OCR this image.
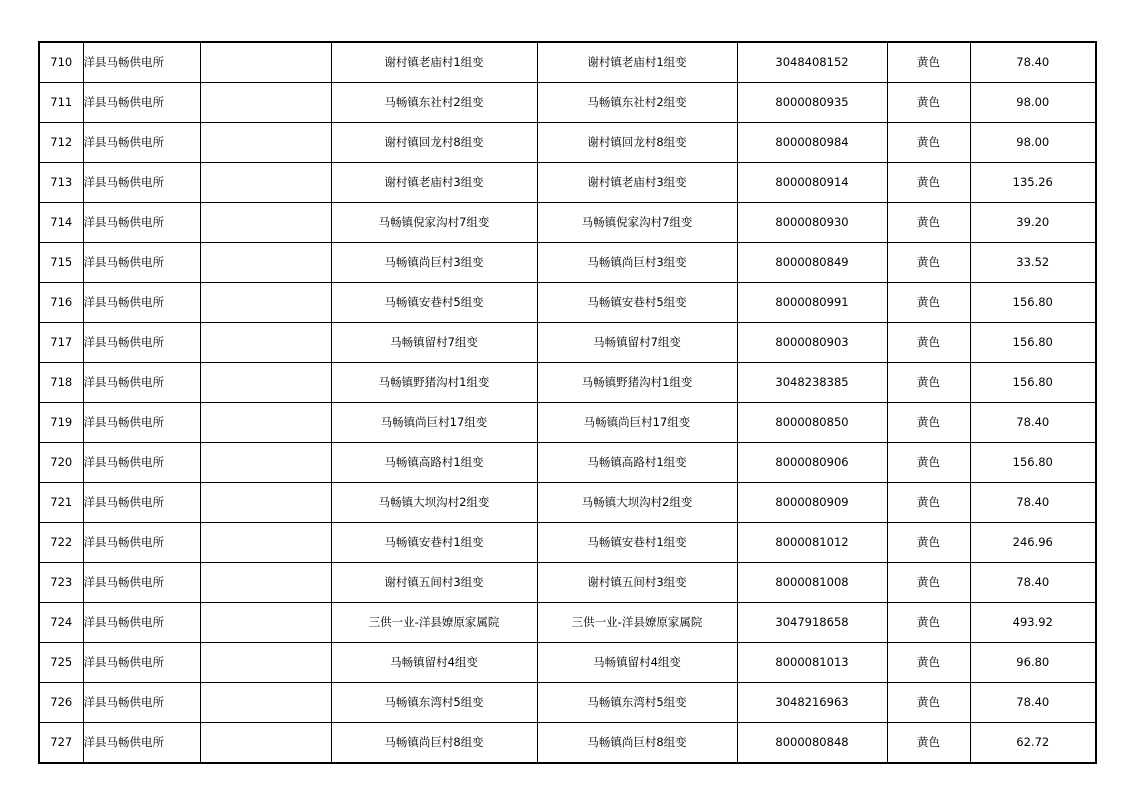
710	洋县马畅供电所		谢村镇老庙村1组变	谢村镇老庙村1组变	3048408152	黄色	78.40
711	洋县马畅供电所		马畅镇东社村2组变	马畅镇东社村2组变	8000080935	黄色	98.00
712	洋县马畅供电所		谢村镇回龙村8组变	谢村镇回龙村8组变	8000080984	黄色	98.00
713	洋县马畅供电所		谢村镇老庙村3组变	谢村镇老庙村3组变	8000080914	黄色	135.26
714	洋县马畅供电所		马畅镇倪家沟村7组变	马畅镇倪家沟村7组变	8000080930	黄色	39.20
715	洋县马畅供电所		马畅镇尚巨村3组变	马畅镇尚巨村3组变	8000080849	黄色	33.52
716	洋县马畅供电所		马畅镇安巷村5组变	马畅镇安巷村5组变	8000080991	黄色	156.80
717	洋县马畅供电所		马畅镇留村7组变	马畅镇留村7组变	8000080903	黄色	156.80
718	洋县马畅供电所		马畅镇野猪沟村1组变	马畅镇野猪沟村1组变	3048238385	黄色	156.80
719	洋县马畅供电所		马畅镇尚巨村17组变	马畅镇尚巨村17组变	8000080850	黄色	78.40
720	洋县马畅供电所		马畅镇高路村1组变	马畅镇高路村1组变	8000080906	黄色	156.80
721	洋县马畅供电所		马畅镇大坝沟村2组变	马畅镇大坝沟村2组变	8000080909	黄色	78.40
722	洋县马畅供电所		马畅镇安巷村1组变	马畅镇安巷村1组变	8000081012	黄色	246.96
723	洋县马畅供电所		谢村镇五间村3组变	谢村镇五间村3组变	8000081008	黄色	78.40
724	洋县马畅供电所		三供一业-洋县嫽原家属院	三供一业-洋县嫽原家属院	3047918658	黄色	493.92
725	洋县马畅供电所		马畅镇留村4组变	马畅镇留村4组变	8000081013	黄色	96.80
726	洋县马畅供电所		马畅镇东湾村5组变	马畅镇东湾村5组变	3048216963	黄色	78.40
727	洋县马畅供电所		马畅镇尚巨村8组变	马畅镇尚巨村8组变	8000080848	黄色	62.72
